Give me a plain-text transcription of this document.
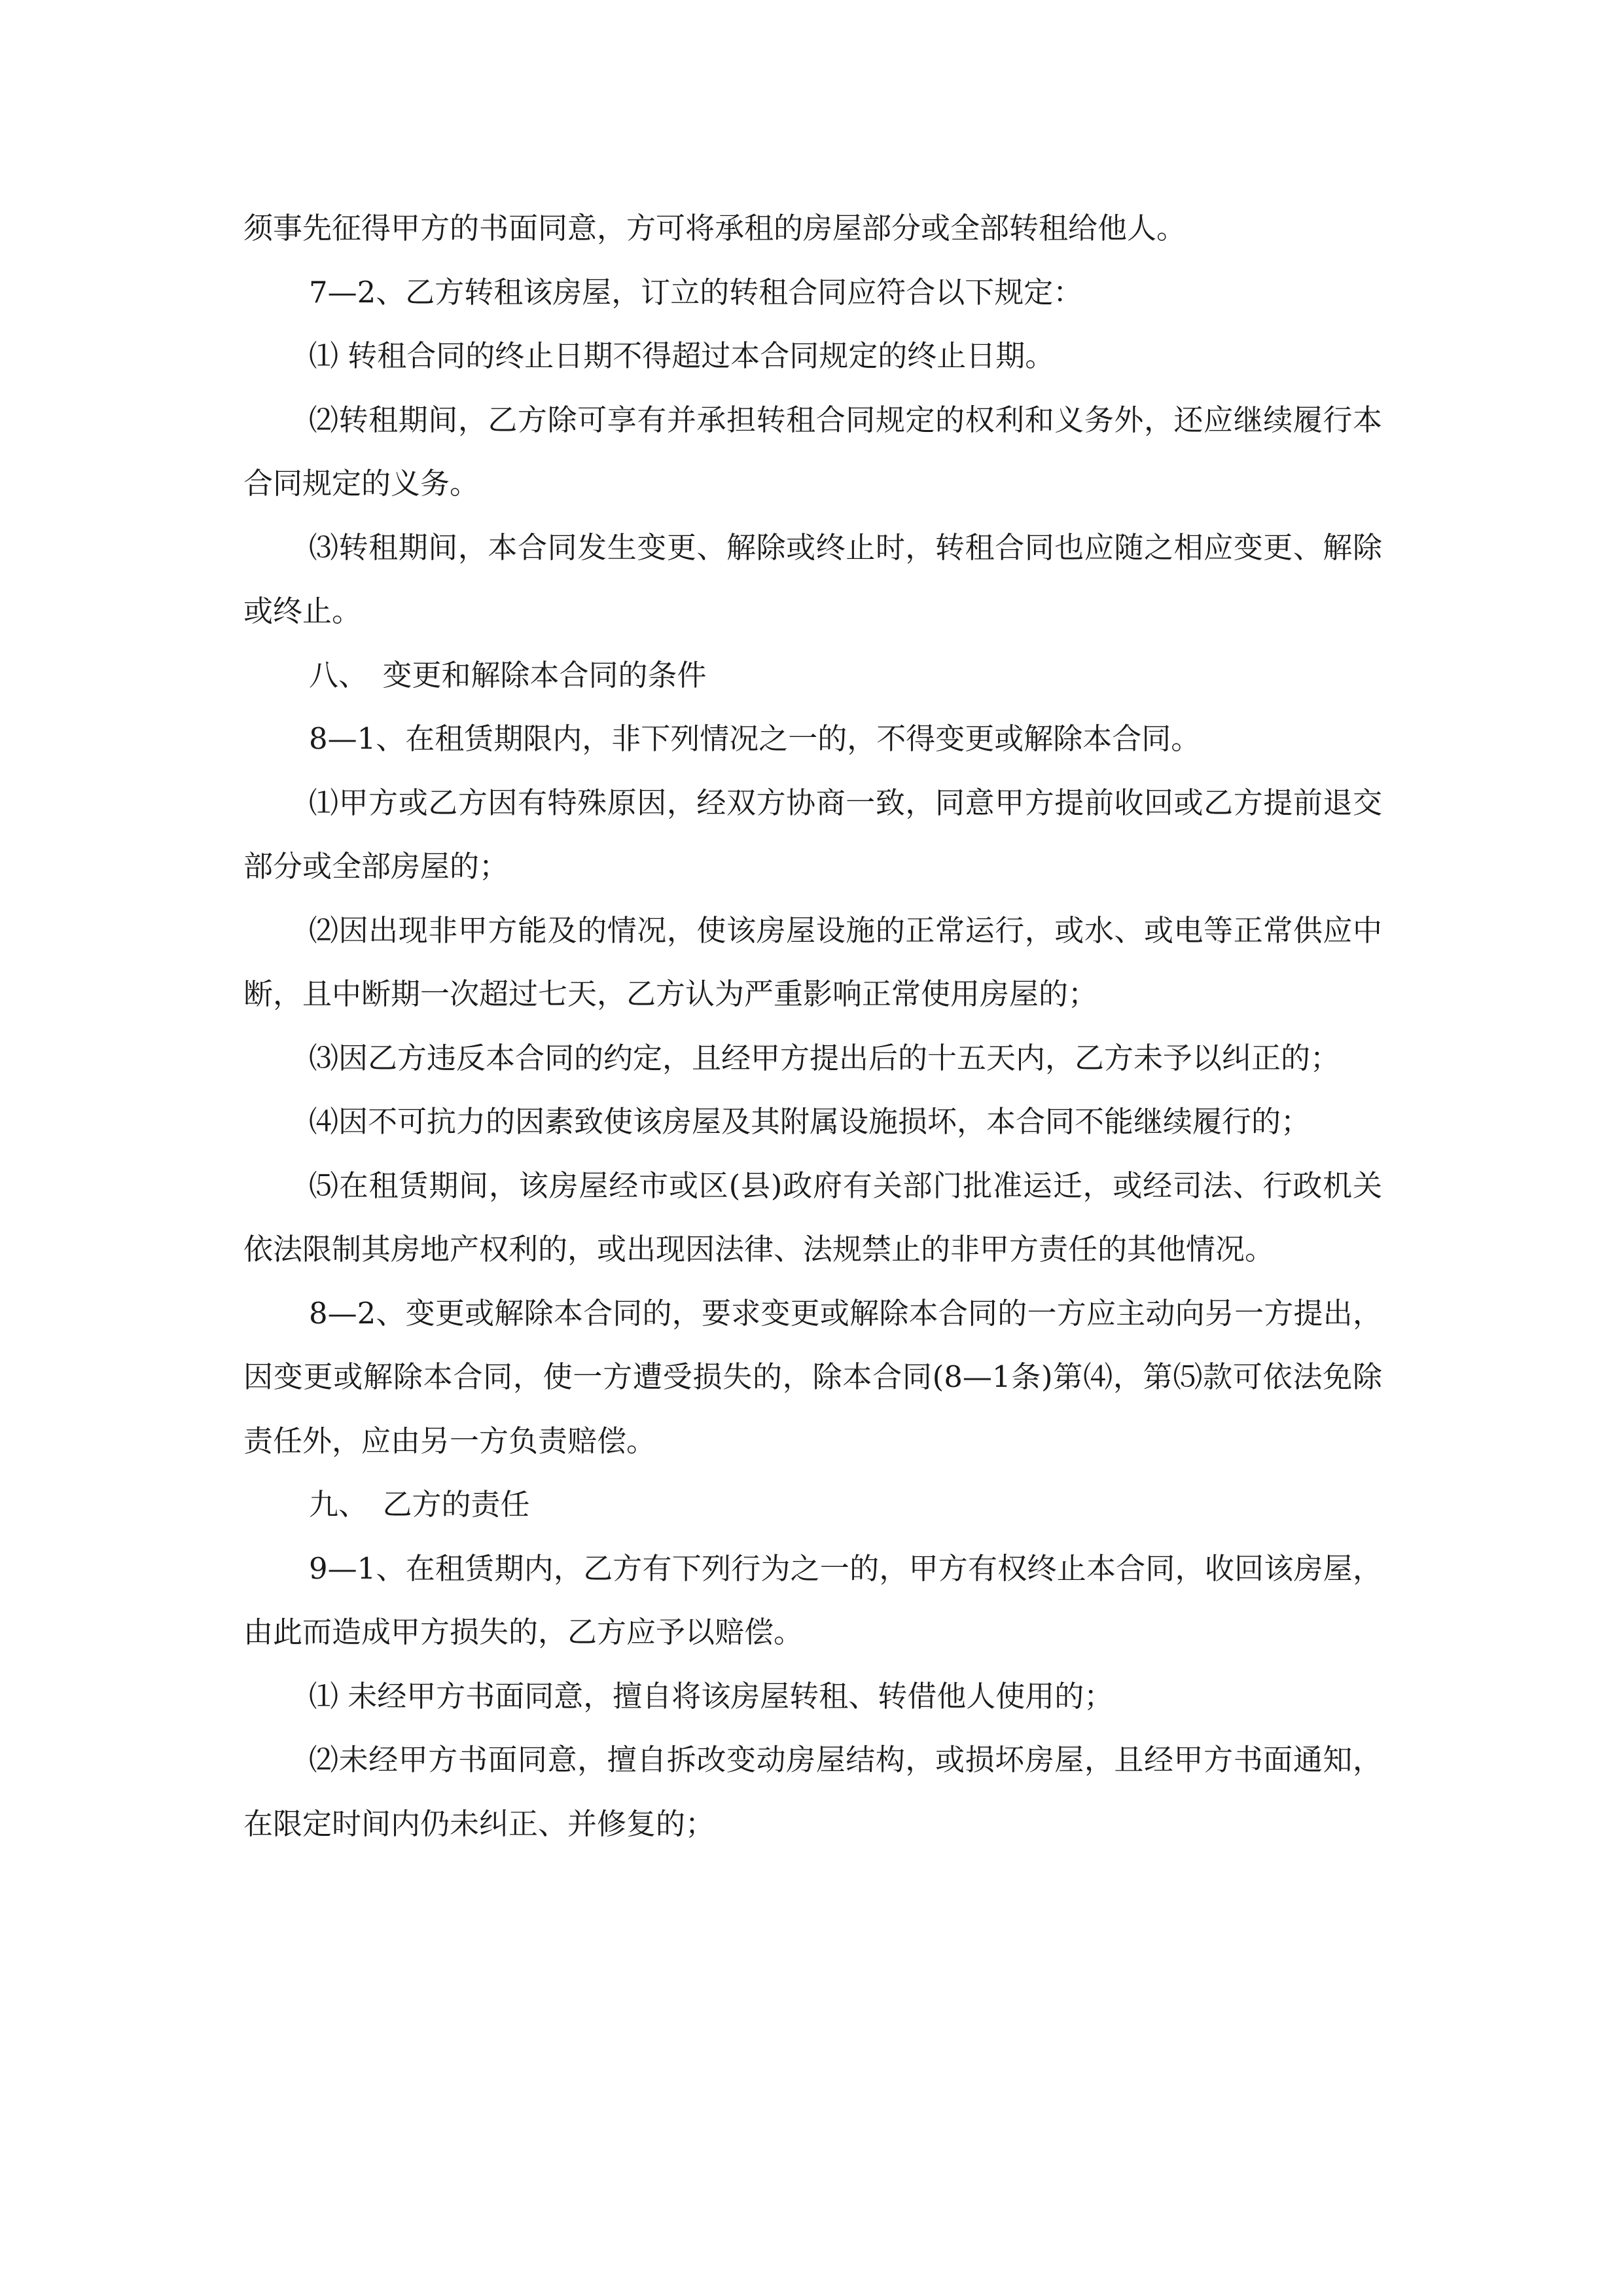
须事先征得甲方的书面同意，方可将承租的房屋部分或全部转租给他人。

7—2、乙方转租该房屋，订立的转租合同应符合以下规定：

⑴ 转租合同的终止日期不得超过本合同规定的终止日期。

⑵转租期间，乙方除可享有并承担转租合同规定的权利和义务外，还应继续履行本合同规定的义务。

⑶转租期间，本合同发生变更、解除或终止时，转租合同也应随之相应变更、解除或终止。

八、　变更和解除本合同的条件

8—1、在租赁期限内，非下列情况之一的，不得变更或解除本合同。

⑴甲方或乙方因有特殊原因，经双方协商一致，同意甲方提前收回或乙方提前退交部分或全部房屋的；

⑵因出现非甲方能及的情况，使该房屋设施的正常运行，或水、或电等正常供应中断，且中断期一次超过七天，乙方认为严重影响正常使用房屋的；

⑶因乙方违反本合同的约定，且经甲方提出后的十五天内，乙方未予以纠正的；

⑷因不可抗力的因素致使该房屋及其附属设施损坏，本合同不能继续履行的；

⑸在租赁期间，该房屋经市或区(县)政府有关部门批准运迁，或经司法、行政机关依法限制其房地产权利的，或出现因法律、法规禁止的非甲方责任的其他情况。

8—2、变更或解除本合同的，要求变更或解除本合同的一方应主动向另一方提出，因变更或解除本合同，使一方遭受损失的，除本合同(8—1条)第⑷，第⑸款可依法免除责任外，应由另一方负责赔偿。

九、　乙方的责任

9—1、在租赁期内，乙方有下列行为之一的，甲方有权终止本合同，收回该房屋，由此而造成甲方损失的，乙方应予以赔偿。

⑴ 未经甲方书面同意，擅自将该房屋转租、转借他人使用的；

⑵未经甲方书面同意，擅自拆改变动房屋结构，或损坏房屋，且经甲方书面通知，在限定时间内仍未纠正、并修复的；
